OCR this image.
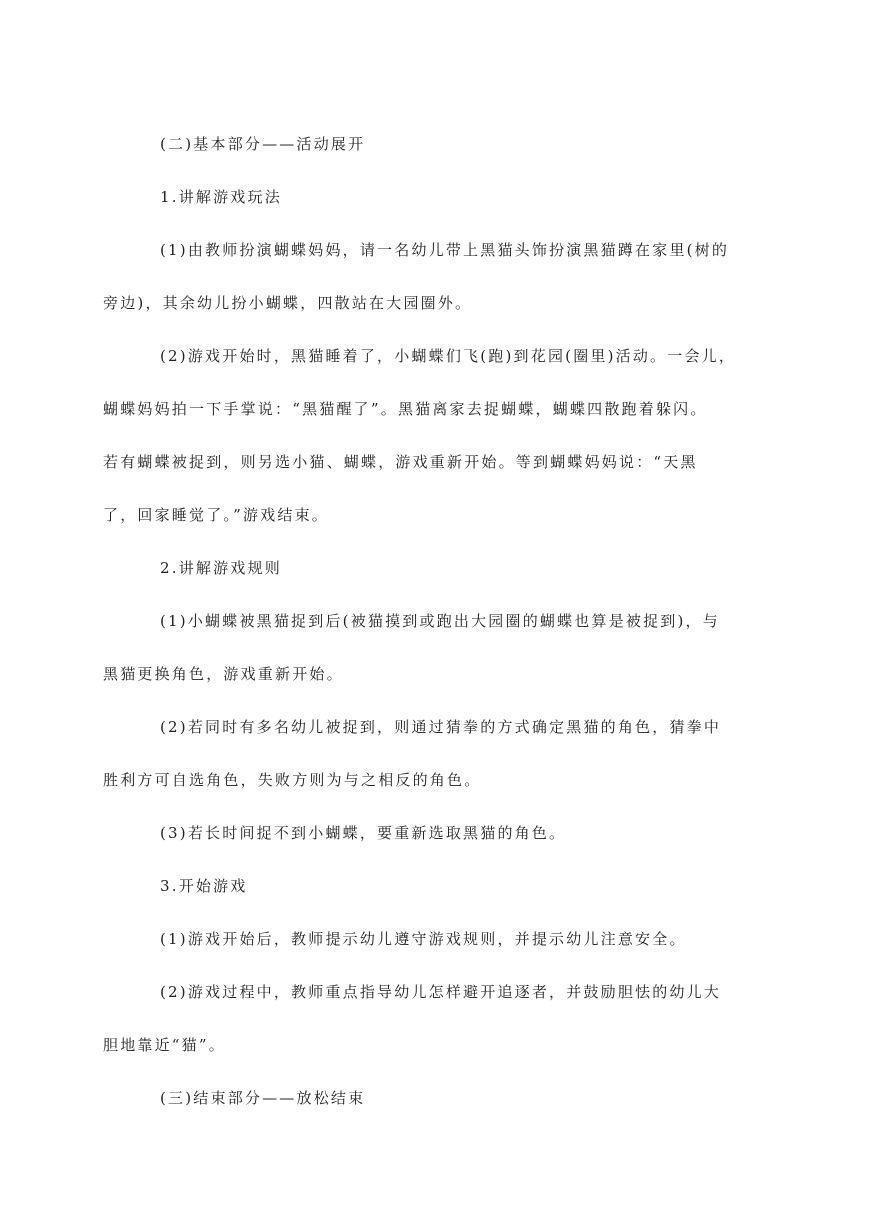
(二)基本部分——活动展开
1.讲解游戏玩法
(1)由教师扮演蝴蝶妈妈，请一名幼儿带上黑猫头饰扮演黑猫蹲在家里(树的
旁边)，其余幼儿扮小蝴蝶，四散站在大园圈外。
(2)游戏开始时，黑猫睡着了，小蝴蝶们飞(跑)到花园(圈里)活动。一会儿，
蝴蝶妈妈拍一下手掌说：“黑猫醒了”。黑猫离家去捉蝴蝶，蝴蝶四散跑着躲闪。
若有蝴蝶被捉到，则另选小猫、蝴蝶，游戏重新开始。等到蝴蝶妈妈说：“天黑
了，回家睡觉了。”游戏结束。
2.讲解游戏规则
(1)小蝴蝶被黑猫捉到后(被猫摸到或跑出大园圈的蝴蝶也算是被捉到)，与
黑猫更换角色，游戏重新开始。
(2)若同时有多名幼儿被捉到，则通过猜拳的方式确定黑猫的角色，猜拳中
胜利方可自选角色，失败方则为与之相反的角色。
(3)若长时间捉不到小蝴蝶，要重新选取黑猫的角色。
3.开始游戏
(1)游戏开始后，教师提示幼儿遵守游戏规则，并提示幼儿注意安全。
(2)游戏过程中，教师重点指导幼儿怎样避开追逐者，并鼓励胆怯的幼儿大
胆地靠近“猫”。
(三)结束部分——放松结束
